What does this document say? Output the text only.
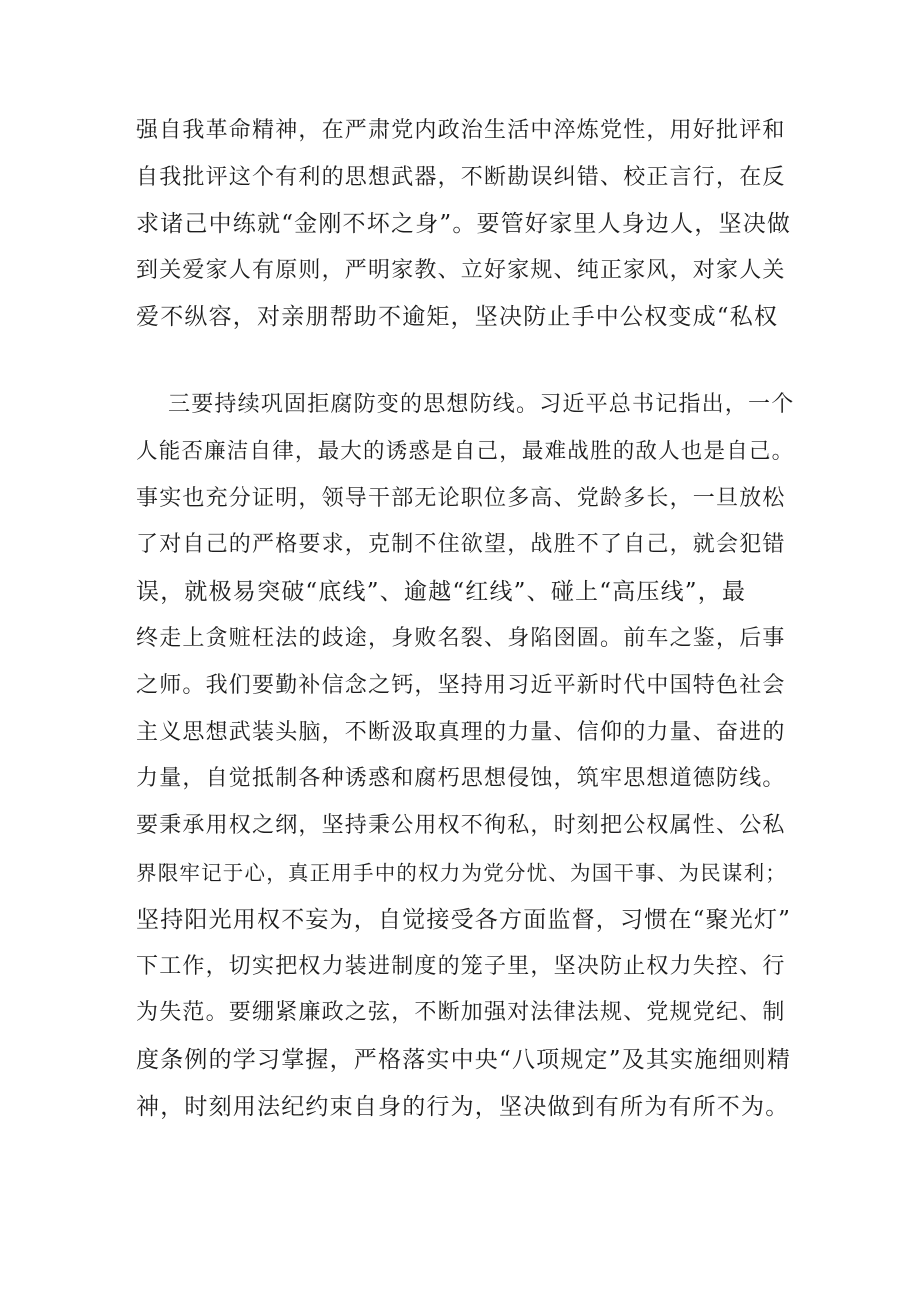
强自我革命精神，在严肃党内政治生活中淬炼党性，用好批评和
自我批评这个有利的思想武器，不断勘误纠错、校正言行，在反
求诸己中练就“金刚不坏之身”。要管好家里人身边人，坚决做
到关爱家人有原则，严明家教、立好家规、纯正家风，对家人关
爱不纵容，对亲朋帮助不逾矩，坚决防止手中公权变成“私权
三要持续巩固拒腐防变的思想防线。习近平总书记指出，一个
人能否廉洁自律，最大的诱惑是自己，最难战胜的敌人也是自己。
事实也充分证明，领导干部无论职位多高、党龄多长，一旦放松
了对自己的严格要求，克制不住欲望，战胜不了自己，就会犯错
误，就极易突破“底线”、逾越“红线”、碰上“高压线”，最
终走上贪赃枉法的歧途，身败名裂、身陷囹圄。前车之鉴，后事
之师。我们要勤补信念之钙，坚持用习近平新时代中国特色社会
主义思想武装头脑，不断汲取真理的力量、信仰的力量、奋进的
力量，自觉抵制各种诱惑和腐朽思想侵蚀，筑牢思想道德防线。
要秉承用权之纲，坚持秉公用权不徇私，时刻把公权属性、公私
界限牢记于心，真正用手中的权力为党分忧、为国干事、为民谋利；
坚持阳光用权不妄为，自觉接受各方面监督，习惯在“聚光灯”
下工作，切实把权力装进制度的笼子里，坚决防止权力失控、行
为失范。要绷紧廉政之弦，不断加强对法律法规、党规党纪、制
度条例的学习掌握，严格落实中央“八项规定”及其实施细则精
神，时刻用法纪约束自身的行为，坚决做到有所为有所不为。
